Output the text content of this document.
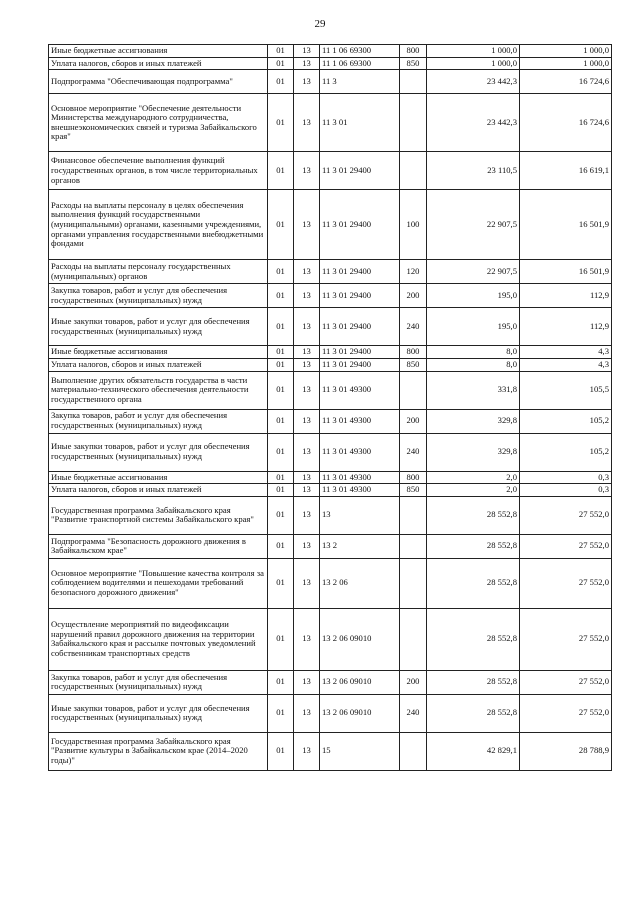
29
Иные бюджетные ассигнования	01	13	11 1 06 69300	800	1 000,0	1 000,0
Уплата налогов, сборов и иных платежей	01	13	11 1 06 69300	850	1 000,0	1 000,0
Подпрограмма "Обеспечивающая подпрограмма"	01	13	11 3		23 442,3	16 724,6
Основное мероприятие "Обеспечение деятельности Министерства международного сотрудничества, внешнеэкономических связей и туризма Забайкальского края"	01	13	11 3 01		23 442,3	16 724,6
Финансовое обеспечение выполнения функций государственных органов, в том числе территориальных органов	01	13	11 3 01 29400		23 110,5	16 619,1
Расходы на выплаты персоналу в целях обеспечения выполнения функций государственными (муниципальными) органами, казенными учреждениями, органами управления государственными внебюджетными фондами	01	13	11 3 01 29400	100	22 907,5	16 501,9
Расходы на выплаты персоналу государственных (муниципальных) органов	01	13	11 3 01 29400	120	22 907,5	16 501,9
Закупка товаров, работ и услуг для обеспечения государственных (муниципальных) нужд	01	13	11 3 01 29400	200	195,0	112,9
Иные закупки товаров, работ и услуг для обеспечения государственных (муниципальных) нужд	01	13	11 3 01 29400	240	195,0	112,9
Иные бюджетные ассигнования	01	13	11 3 01 29400	800	8,0	4,3
Уплата налогов, сборов и иных платежей	01	13	11 3 01 29400	850	8,0	4,3
Выполнение других обязательств государства в части материально-технического обеспечения деятельности государственного органа	01	13	11 3 01 49300		331,8	105,5
Закупка товаров, работ и услуг для обеспечения государственных (муниципальных) нужд	01	13	11 3 01 49300	200	329,8	105,2
Иные закупки товаров, работ и услуг для обеспечения государственных (муниципальных) нужд	01	13	11 3 01 49300	240	329,8	105,2
Иные бюджетные ассигнования	01	13	11 3 01 49300	800	2,0	0,3
Уплата налогов, сборов и иных платежей	01	13	11 3 01 49300	850	2,0	0,3
Государственная программа Забайкальского края "Развитие транспортной системы Забайкальского края"	01	13	13		28 552,8	27 552,0
Подпрограмма "Безопасность дорожного движения в Забайкальском крае"	01	13	13 2		28 552,8	27 552,0
Основное мероприятие "Повышение качества контроля за соблюдением водителями и пешеходами требований безопасного дорожного движения"	01	13	13 2 06		28 552,8	27 552,0
Осуществление мероприятий по видеофиксации нарушений правил дорожного движения на территории Забайкальского края и рассылке почтовых уведомлений собственникам транспортных средств	01	13	13 2 06 09010		28 552,8	27 552,0
Закупка товаров, работ и услуг для обеспечения государственных (муниципальных) нужд	01	13	13 2 06 09010	200	28 552,8	27 552,0
Иные закупки товаров, работ и услуг для обеспечения государственных (муниципальных) нужд	01	13	13 2 06 09010	240	28 552,8	27 552,0
Государственная программа Забайкальского края "Развитие культуры в Забайкальском крае (2014–2020 годы)"	01	13	15		42 829,1	28 788,9
